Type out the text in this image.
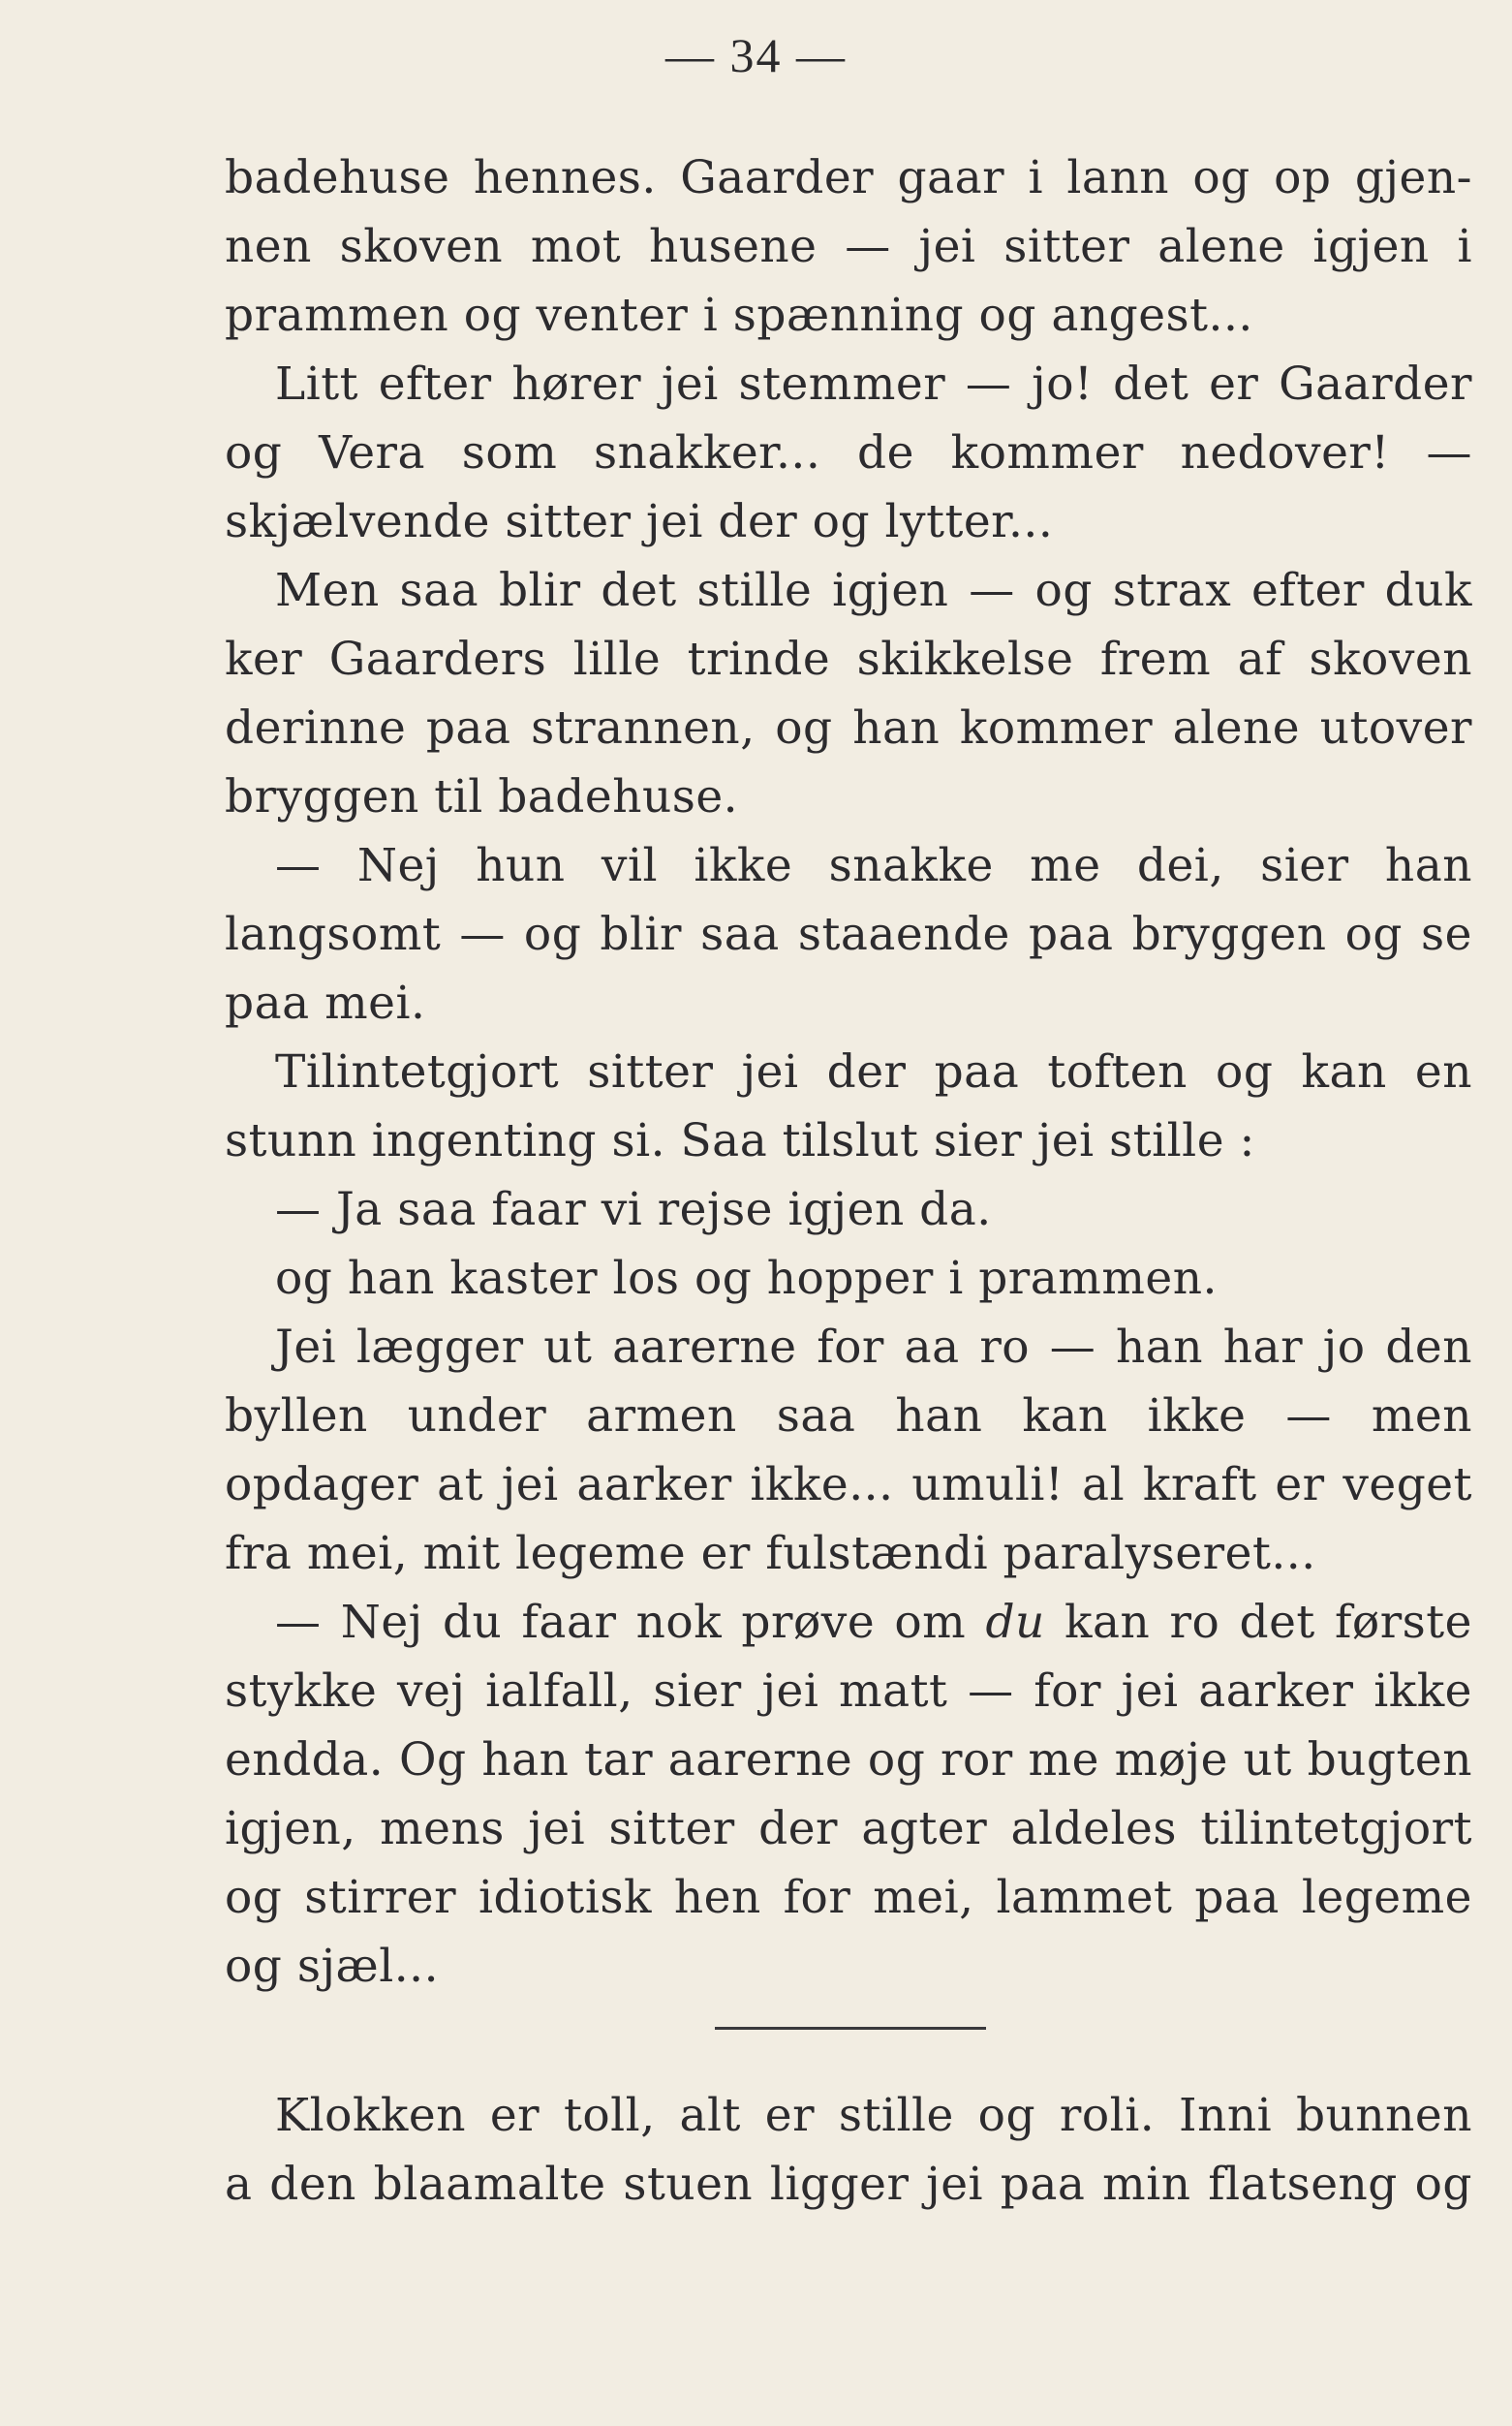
— 34 —
badehuse hennes. Gaarder gaar i lann og op gjen-
nen skoven mot husene — jei sitter alene igjen i
prammen og venter i spænning og angest...
Litt efter hører jei stemmer — jo! det er Gaarder
og Vera som snakker... de kommer nedover! —
skjælvende sitter jei der og lytter...
Men saa blir det stille igjen — og strax efter duk
ker Gaarders lille trinde skikkelse frem af skoven
derinne paa strannen, og han kommer alene utover
bryggen til badehuse.
— Nej hun vil ikke snakke me dei, sier han
langsomt — og blir saa staaende paa bryggen og se
paa mei.
Tilintetgjort sitter jei der paa toften og kan en
stunn ingenting si. Saa tilslut sier jei stille :
— Ja saa faar vi rejse igjen da.
og han kaster los og hopper i prammen.
Jei lægger ut aarerne for aa ro — han har jo den
byllen under armen saa han kan ikke — men
opdager at jei aarker ikke... umuli! al kraft er veget
fra mei, mit legeme er fulstændi paralyseret...
— Nej du faar nok prøve om du kan ro det første
stykke vej ialfall, sier jei matt — for jei aarker ikke
endda. Og han tar aarerne og ror me møje ut bugten
igjen, mens jei sitter der agter aldeles tilintetgjort
og stirrer idiotisk hen for mei, lammet paa legeme
og sjæl...
Klokken er toll, alt er stille og roli. Inni bunnen
a den blaamalte stuen ligger jei paa min flatseng og
